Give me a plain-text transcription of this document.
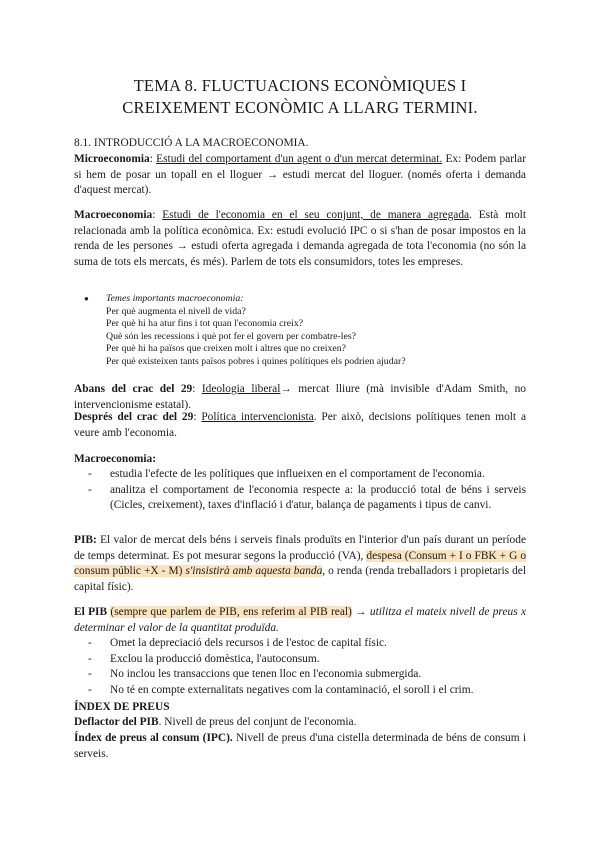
TEMA 8. FLUCTUACIONS ECONÒMIQUES I
CREIXEMENT ECONÒMIC A LLARG TERMINI.
8.1. INTRODUCCIÓ A LA MACROECONOMIA.
Microeconomia: Estudi del comportament d'un agent o d'un mercat determinat. Ex: Podem parlar si hem de posar un topall en el lloguer → estudi mercat del lloguer. (només oferta i demanda d'aquest mercat).
Macroeconomia: Estudi de l'economia en el seu conjunt, de manera agregada. Està molt relacionada amb la política econòmica. Ex: estudi evolució IPC o si s'han de posar impostos en la renda de les persones → estudi oferta agregada i demanda agregada de tota l'economia (no són la suma de tots els mercats, és més). Parlem de tots els consumidors, totes les empreses.
●	Temes importants macroeconomia:
Per què augmenta el nivell de vida?
Per què hi ha atur fins i tot quan l'economia creix?
Què són les recessions i què pot fer el govern per combatre-les?
Per què hi ha països que creixen molt i altres que no creixen?
Per què existeixen tants països pobres i quines polítiques els podrien ajudar?
Abans del crac del 29: Ideologia liberal→ mercat lliure (mà invisible d'Adam Smith, no intervencionisme estatal).
Després del crac del 29: Política intervencionista. Per això, decisions polítiques tenen molt a veure amb l'economia.
Macroeconomia:
-	estudia l'efecte de les polítiques que influeixen en el comportament de l'economia.
-	analitza el comportament de l'economia respecte a: la producció total de béns i serveis (Cicles, creixement), taxes d'inflació i d'atur, balança de pagaments i tipus de canvi.
PIB: El valor de mercat dels béns i serveis finals produïts en l'interior d'un país durant un període de temps determinat. Es pot mesurar segons la producció (VA), despesa (Consum + I o FBK + G o consum públic +X - M) s'insistirà amb aquesta banda, o renda (renda treballadors i propietaris del capital físic).
El PIB (sempre que parlem de PIB, ens referim al PIB real) → utilitza el mateix nivell de preus x determinar el valor de la quantitat produïda.
-	Omet la depreciació dels recursos i de l'estoc de capital físic.
-	Exclou la producció domèstica, l'autoconsum.
-	No inclou les transaccions que tenen lloc en l'economia submergida.
-	No té en compte externalitats negatives com la contaminació, el soroll i el crim.
ÍNDEX DE PREUS
Deflactor del PIB. Nivell de preus del conjunt de l'economia.
Índex de preus al consum (IPC). Nivell de preus d'una cistella determinada de béns de consum i serveis.
